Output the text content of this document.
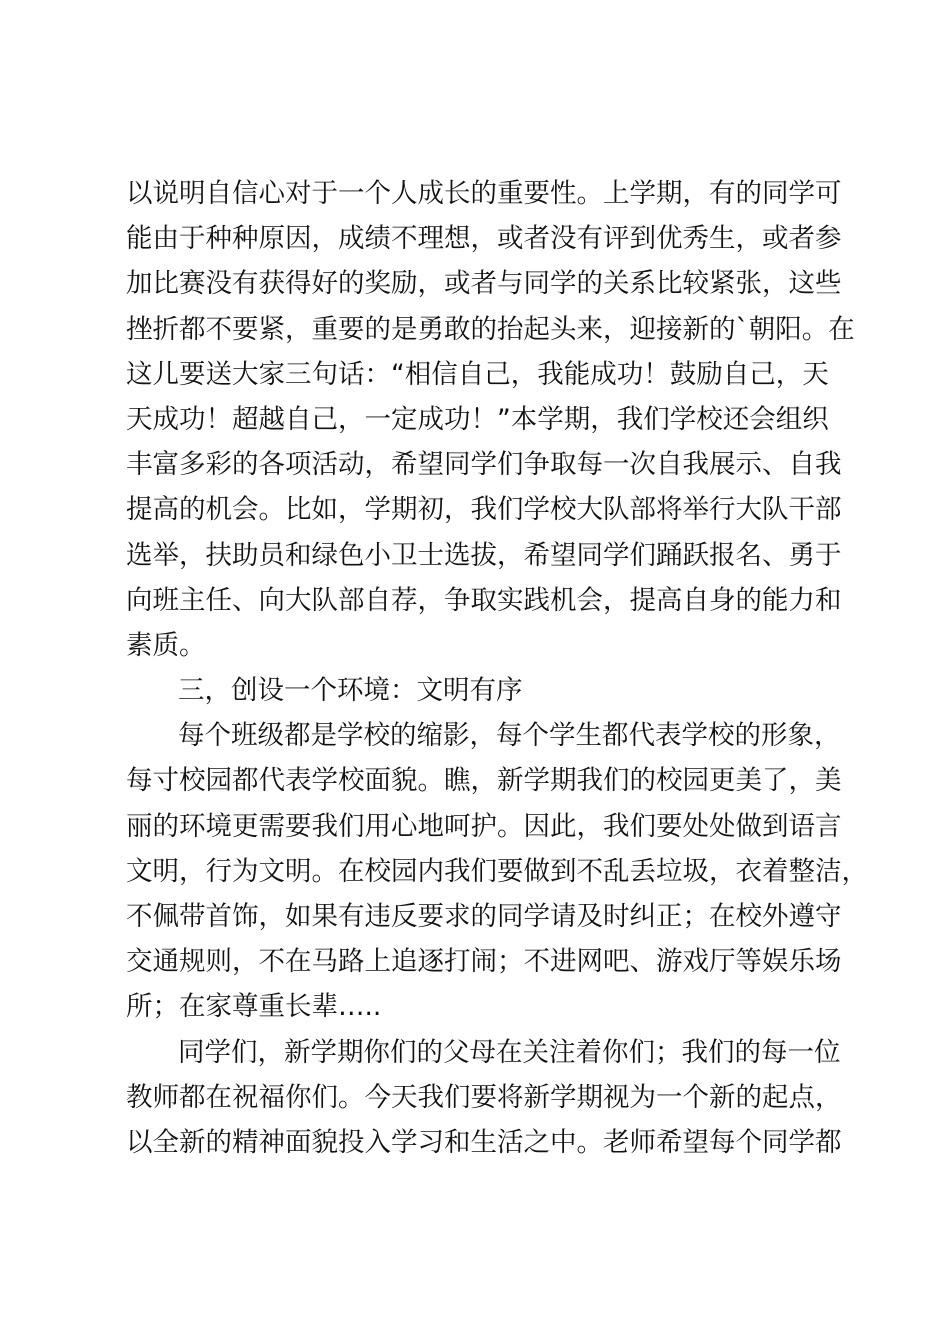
以说明自信心对于一个人成长的重要性。上学期，有的同学可
能由于种种原因，成绩不理想，或者没有评到优秀生，或者参
加比赛没有获得好的奖励，或者与同学的关系比较紧张，这些
挫折都不要紧，重要的是勇敢的抬起头来，迎接新的`朝阳。在
这儿要送大家三句话：“相信自己，我能成功！鼓励自己，天
天成功！超越自己，一定成功！”本学期，我们学校还会组织
丰富多彩的各项活动，希望同学们争取每一次自我展示、自我
提高的机会。比如，学期初，我们学校大队部将举行大队干部
选举，扶助员和绿色小卫士选拔，希望同学们踊跃报名、勇于
向班主任、向大队部自荐，争取实践机会，提高自身的能力和
素质。
三，创设一个环境：文明有序
每个班级都是学校的缩影，每个学生都代表学校的形象，
每寸校园都代表学校面貌。瞧，新学期我们的校园更美了，美
丽的环境更需要我们用心地呵护。因此，我们要处处做到语言
文明，行为文明。在校园内我们要做到不乱丢垃圾，衣着整洁，
不佩带首饰，如果有违反要求的同学请及时纠正；在校外遵守
交通规则，不在马路上追逐打闹；不进网吧、游戏厅等娱乐场
所；在家尊重长辈…..
同学们，新学期你们的父母在关注着你们；我们的每一位
教师都在祝福你们。今天我们要将新学期视为一个新的起点，
以全新的精神面貌投入学习和生活之中。老师希望每个同学都
